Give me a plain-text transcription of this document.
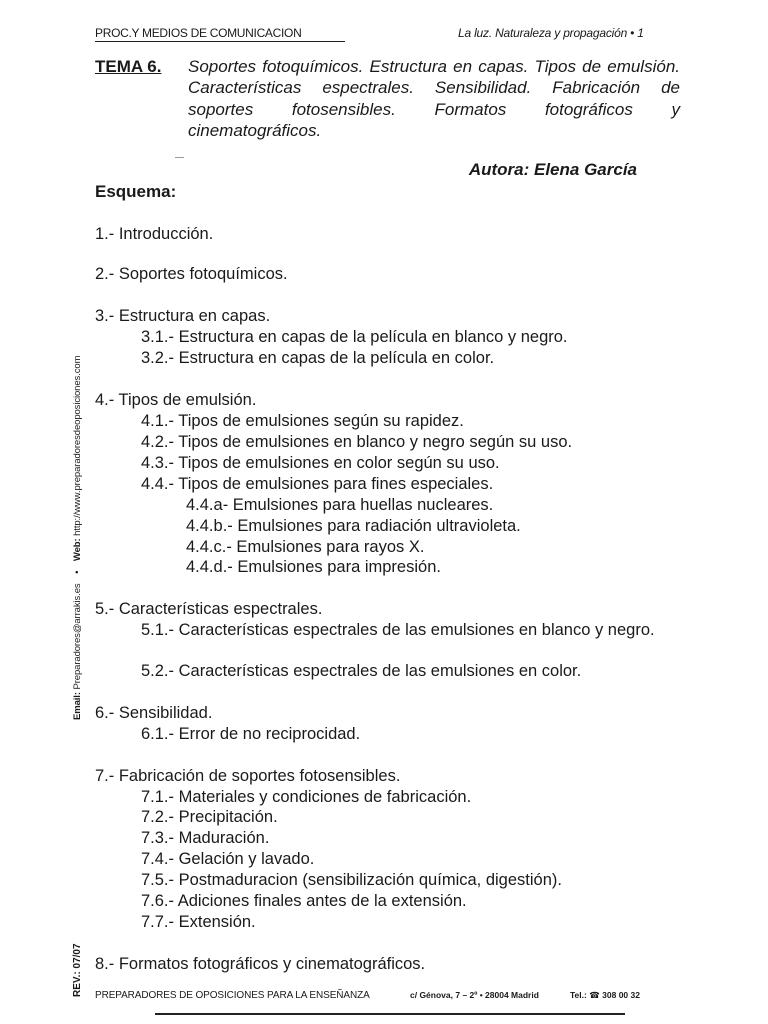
PROC.Y MEDIOS DE COMUNICACION	La luz. Naturaleza y propagación • 1
TEMA 6. Soportes fotoquímicos. Estructura en capas. Tipos de emulsión. Características espectrales. Sensibilidad. Fabricación de soportes fotosensibles. Formatos fotográficos y cinematográficos.
Autora: Elena García
Esquema:
1.- Introducción.
2.- Soportes fotoquímicos.
3.- Estructura en capas.
3.1.- Estructura en capas de la película en blanco y negro.
3.2.- Estructura en capas de la película en color.
4.- Tipos de emulsión.
4.1.- Tipos de emulsiones según su rapidez.
4.2.- Tipos de emulsiones en blanco y negro según su uso.
4.3.- Tipos de emulsiones en color según su uso.
4.4.- Tipos de emulsiones para fines especiales.
4.4.a- Emulsiones para huellas nucleares.
4.4.b.- Emulsiones para radiación ultravioleta.
4.4.c.- Emulsiones para rayos X.
4.4.d.- Emulsiones para impresión.
5.- Características espectrales.
5.1.- Características espectrales de las emulsiones en blanco y negro.
5.2.- Características espectrales de las emulsiones en color.
6.- Sensibilidad.
6.1.- Error de no reciprocidad.
7.- Fabricación de soportes fotosensibles.
7.1.- Materiales y condiciones de fabricación.
7.2.- Precipitación.
7.3.- Maduración.
7.4.- Gelación y lavado.
7.5.- Postmaduracion (sensibilización química, digestión).
7.6.- Adiciones finales antes de la extensión.
7.7.- Extensión.
8.- Formatos fotográficos y cinematográficos.
Email: Preparadores@arrakis.es • Web: http://www.preparadoresdeoposiciones.com
REV.: 07/07 PREPARADORES DE OPOSICIONES PARA LA ENSEÑANZA	c/ Génova, 7 – 2º • 28004 Madrid	Tel.: ☎ 308 00 32
